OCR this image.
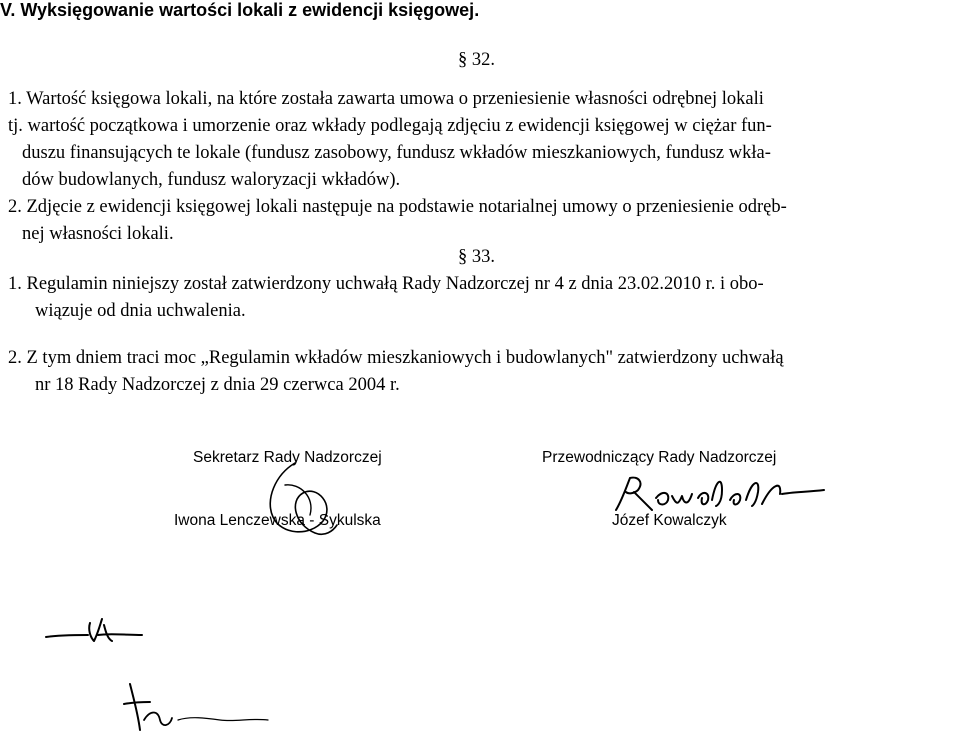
V. Wyksięgowanie wartości lokali z ewidencji księgowej.
§ 32.
1. Wartość księgowa lokali, na które została zawarta umowa o przeniesienie własności odrębnej lokali
tj. wartość początkowa i umorzenie oraz wkłady podlegają zdjęciu z ewidencji księgowej w ciężar fun-
duszu finansujących te lokale (fundusz zasobowy, fundusz wkładów mieszkaniowych, fundusz wkła-
dów budowlanych, fundusz waloryzacji wkładów).
2. Zdjęcie z ewidencji księgowej lokali następuje na podstawie notarialnej umowy o przeniesienie odręb-
nej własności lokali.
§ 33.
1. Regulamin niniejszy został zatwierdzony uchwałą Rady Nadzorczej nr 4 z dnia 23.02.2010 r. i obo-
wiązuje od dnia uchwalenia.
2. Z tym dniem traci moc „Regulamin wkładów mieszkaniowych i budowlanych" zatwierdzony uchwałą
nr 18 Rady Nadzorczej z dnia 29 czerwca 2004 r.
Sekretarz Rady Nadzorczej
Iwona Lenczewska - Sykulska
Przewodniczący Rady Nadzorczej
Józef Kowalczyk
